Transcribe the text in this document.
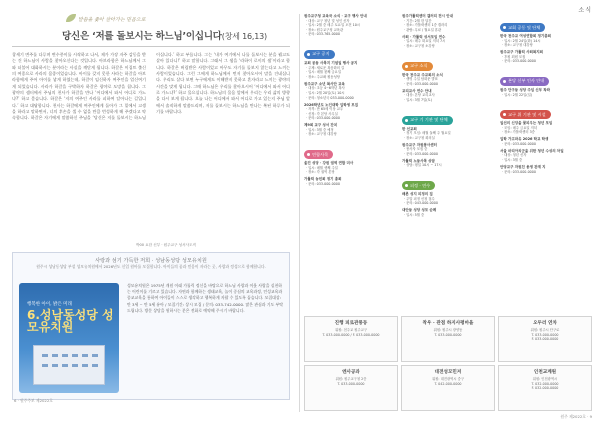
소식
말씀을 좇아 살아가는 믿음으로
당신은 ‘저를 돌보시는 하느님’이십니다(창세 16,13)
창세기 변주를 다루며 변수풍이를 시작하고 나서, 제가 가장 자주 감동을 받는 건 하느님이 사람을 찾아오신다는 것입니다. 아브라함은 하느님께서 그와 더불어 대화하시는 분이라는 사실을 깨닫게 됩니다. 하갈은 이집트 출신의 여종으로 사라의 몸종이었습니다. 아이를 갖지 못한 사라는 하갈을 아브라함에게 주어 아이를 낳게 하였는데, 하갈이 임신하자 여주인을 업신여기게 되었습니다. 사라가 하갈을 구박하자 하갈은 광야로 도망을 칩니다. 그 광야의 샘터에서 주님의 천사가 하갈을 만나 ‘어디에서 와서 어디로 가느냐?’ 하고 묻습니다. 하갈은 ‘저의 여주인 사라를 피하여 달아나는 길입니다.’ 하고 대답합니다. 천사는 하갈에게 여주인에게 돌아가 그 밑에서 고생을 하라고 말하면서, 너의 후손을 셀 수 없을 만큼 번성하게 해 주겠다고 약속합니다. 하갈은 자기에게 말씀하신 주님을 ‘당신은 저를 돌보시는 하느님이십니다.’ 하고 부릅니다. 그는 ‘내가 여기에서 나를 돌보시는 분을 뵙고도 살아 있다니!’ 하고 말합니다. 그래서 그 샘을 ‘라하이 로이의 샘’이라고 합니다. 하갈은 버림받은 사람이었고 아무도 자기를 돌보지 않는다고 느끼는 사람이었습니다. 그런 그에게 하느님께서 먼저 찾아오시어 말을 건네십니다. 우리도 살다 보면 누구에게도 이해받지 못하고 혼자라고 느끼는 광야의 시간을 맞게 됩니다. 그때 하느님은 우리를 찾아오시어 ‘어디에서 와서 어디로 가느냐?’ 하고 물으십니다. 하느님의 물음 앞에서 우리는 우리 삶의 방향을 다시 보게 됩니다. 오늘 나는 어디에서 와서 어디로 가고 있는지 주님 앞에서 솔직하게 말씀드리며, 저를 돌보시는 하느님을 만나는 복된 하루가 되기를 바랍니다.
박00 요한 신부 · 원주교구 성서사도직
사랑과 섬기 가득한 저희 · 성남동성당 성모유치원
원주시 성남동성당 부설 성모유치원에서 2026년도 신입 원아를 모집합니다. 아이들의 꿈과 믿음이 자라는 곳, 사랑과 정성으로 함께합니다.
행복한 아이, 밝은 미래
6.성남동성당 성모유치원
성모유치원은 1975년 개원 이래 가톨릭 정신을 바탕으로 하느님 사랑과 이웃 사랑을 실천하는 어린이를 기르고 있습니다. 자연과 함께하는 생태교육, 놀이 중심의 교육과정, 인성교육과 종교교육을 통하여 아이들이 스스로 생각하고 행복하게 자랄 수 있도록 돕습니다. 모집대상: 만 3세 ~ 만 5세 유아 / 모집기간: 상시 모집 / 문의: 033-742-0000. 많은 관심과 기도 부탁드립니다. 방문 상담을 원하시는 분은 전화로 예약해 주시기 바랍니다.
6 · 원주주보 제2022호
원주교구청 교육국 소식 · 교구 행사 안내
· 대상: 교구 청년 및 성인 신자
· 일시: 2월 중 매주 토요일 오전 10시
· 장소: 원주교구청 교육관
· 문의: 033-765-0000
교구 공지
교회 공동 사목지 기념일 행사 공지
· 주제: 새로운 복음화의 길
· 일시: 매월 첫째 금요일
· 장소: 주교좌 원동성당
원주교구 소년 복사단 교육
· 대상: 초등 4~6학년 복사
· 일시: 2월 20일(토) 10시
· 문의: 청소년국 033-000-0000
2026학년도 노인대학 입학생 모집
· 자격: 만 65세 이상 교우
· 신청: 각 본당 사무실
· 문의: 033-000-0000
제9회 교구 성서 잔치
· 일시: 3월 중 예정
· 장소: 교구청 대강당
연합사목
울진 성당 · 강원 권역 연합 미사
· 일시: 매월 셋째 주일
· 장소: 각 권역 본당
가톨릭 농민회 정기 총회
· 문의: 033-000-0000
원주가톨릭센터 갤러리 전시 안내
· 기간: 2월 한 달간
· 장소: 가톨릭센터 1층 갤러리
· 관람: 무료 / 월요일 휴관
사회 · 가톨릭 성서모임 연수
· 일시: 매주 화요일 저녁 7시
· 장소: 교구청 소강당
교구 소식
한국 천주교 주교회의 소식
· 생명 주일 담화문 발표
· 문의: 033-000-0000
교리교사 연수 안내
· 대상: 본당 교리교사
· 일시: 3월 7일(토)
교구 기 기관 및 단체
한 선교회
· 정기 모임: 매월 둘째 주 월요일
· 장소: 교구청 회의실
원주교구 자원봉사센터
· 봉사자 모집 중
· 문의: 033-000-0000
가톨릭 노동사목 상담
· 상담: 평일 10시 ~ 17시
피정 · 연수
배론 성지 피정의 집
· 주말 피정 신청 접수
· 문의: 043-000-0000
대안동 성당 성모 순례
· 일시: 5월 중
교회 공동 및 단체
한국 천주교 여성연합회 정기총회
· 일시: 2월 24일(화) 14시
· 장소: 교구청 대강당
원주교구 가톨릭 사회복지회
· 후원 회원 모집
· 문의: 033-000-0000
본당 신부 인사 안내
원주 단구동 성당 주임 신부 착좌
· 일시: 2월 22일(일)
교구 위 기관 및 시설
일선의 신앙을 꽃피우는 청년 모임
· 모임: 매주 금요일 저녁
· 장소: 가톨릭센터 3층
입학 가고파유 2026 학교 학생
· 문의: 033-000-0000
서울 마리아치군을 위한 청년 수성의 차일
· 대상: 청년 신자
· 일시: 3월 중
안당교구 자원친 용생 관계 지
· 문의: 033-000-0000
진행 피로관통동
위원: 천주교 원주교구
T. 033-000-0000 / F. 033-000-0000
착우 · 관점 하지사평마을
위원: 원주시 장양동
T. 033-000-0000
오두러 연차
위원: 원주시 단구로
T. 033-000-0000
F. 033-000-0000
엔사공과
위원: 원주교구청 2층
T. 033-000-0000
대전성모민저
위원: 대전광역시 중구
T. 042-000-0000
인천교계원
위원: 인천광역시
T. 032-000-0000
F. 032-000-0000
원주 제2022호 · 9
